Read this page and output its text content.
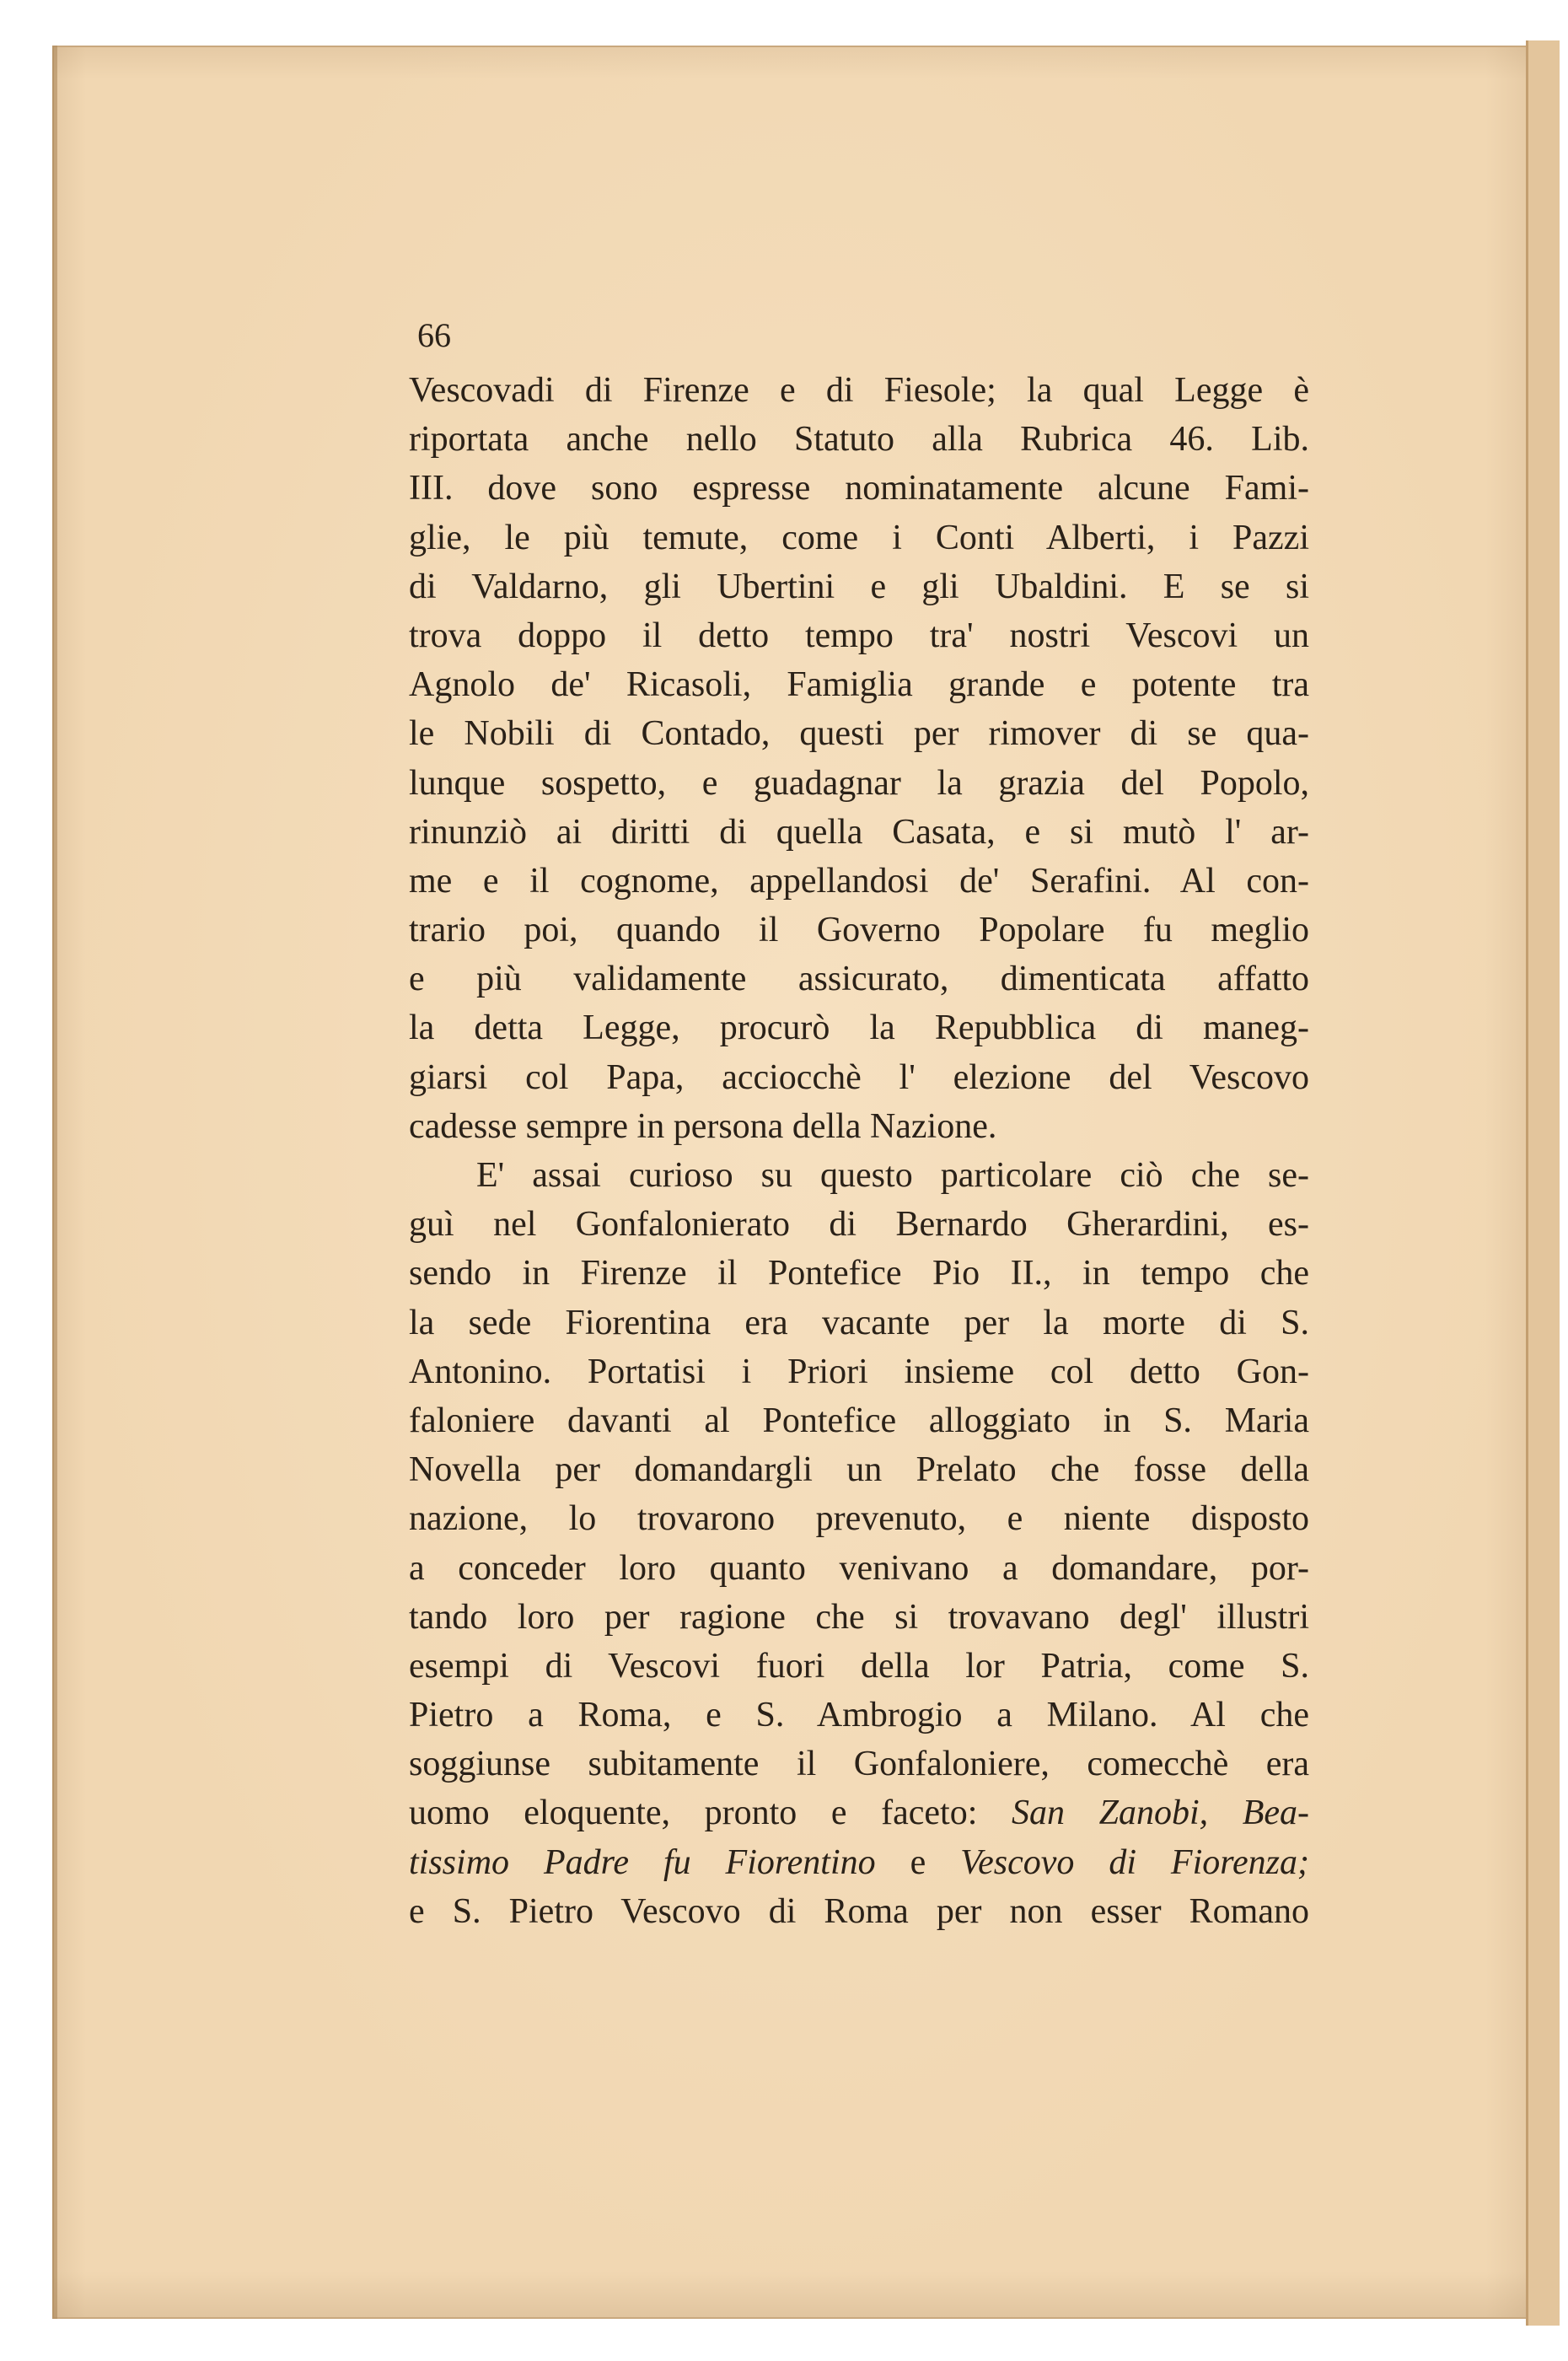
66
Vescovadi di Firenze e di Fiesole; la qual Legge è
riportata anche nello Statuto alla Rubrica 46. Lib.
III. dove sono espresse nominatamente alcune Fami-
glie, le più temute, come i Conti Alberti, i Pazzi
di Valdarno, gli Ubertini e gli Ubaldini. E se si
trova doppo il detto tempo tra' nostri Vescovi un
Agnolo de' Ricasoli, Famiglia grande e potente tra
le Nobili di Contado, questi per rimover di se qua-
lunque sospetto, e guadagnar la grazia del Popolo,
rinunziò ai diritti di quella Casata, e si mutò l' ar-
me e il cognome, appellandosi de' Serafini. Al con-
trario poi, quando il Governo Popolare fu meglio
e più validamente assicurato, dimenticata affatto
la detta Legge, procurò la Repubblica di maneg-
giarsi col Papa, acciocchè l' elezione del Vescovo
cadesse sempre in persona della Nazione.
E' assai curioso su questo particolare ciò che se-
guì nel Gonfalonierato di Bernardo Gherardini, es-
sendo in Firenze il Pontefice Pio II., in tempo che
la sede Fiorentina era vacante per la morte di S.
Antonino. Portatisi i Priori insieme col detto Gon-
faloniere davanti al Pontefice alloggiato in S. Maria
Novella per domandargli un Prelato che fosse della
nazione, lo trovarono prevenuto, e niente disposto
a conceder loro quanto venivano a domandare, por-
tando loro per ragione che si trovavano degl' illustri
esempi di Vescovi fuori della lor Patria, come S.
Pietro a Roma, e S. Ambrogio a Milano. Al che
soggiunse subitamente il Gonfaloniere, comecchè era
uomo eloquente, pronto e faceto: San Zanobi, Bea-
tissimo Padre fu Fiorentino e Vescovo di Fiorenza;
e S. Pietro Vescovo di Roma per non esser Romano
